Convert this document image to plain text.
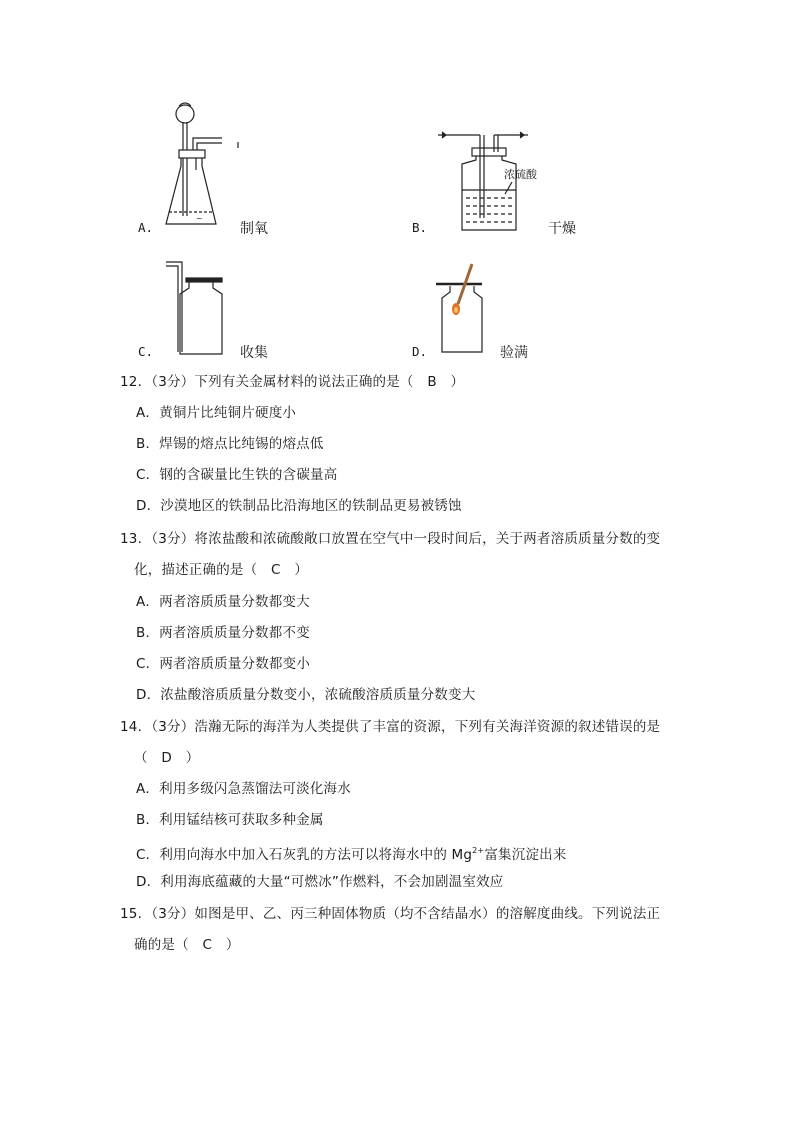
~
A.	制氧
浓硫酸
B.	干燥
C.	收集	D.	验满
12．（3分）下列有关金属材料的说法正确的是（　B　）
A．黄铜片比纯铜片硬度小
B．焊锡的熔点比纯锡的熔点低
C．钢的含碳量比生铁的含碳量高
D．沙漠地区的铁制品比沿海地区的铁制品更易被锈蚀
13．（3分）将浓盐酸和浓硫酸敞口放置在空气中一段时间后，关于两者溶质质量分数的变
化，描述正确的是（　C　）
A．两者溶质质量分数都变大
B．两者溶质质量分数都不变
C．两者溶质质量分数都变小
D．浓盐酸溶质质量分数变小，浓硫酸溶质质量分数变大
14．（3分）浩瀚无际的海洋为人类提供了丰富的资源，下列有关海洋资源的叙述错误的是
（　D　）
A．利用多级闪急蒸馏法可淡化海水
B．利用锰结核可获取多种金属
C．利用向海水中加入石灰乳的方法可以将海水中的 $Mg^{2+}$富集沉淀出来
D．利用海底蕴藏的大量“可燃冰”作燃料，不会加剧温室效应
15．（3分）如图是甲、乙、丙三种固体物质（均不含结晶水）的溶解度曲线。下列说法正
确的是（　C　）
